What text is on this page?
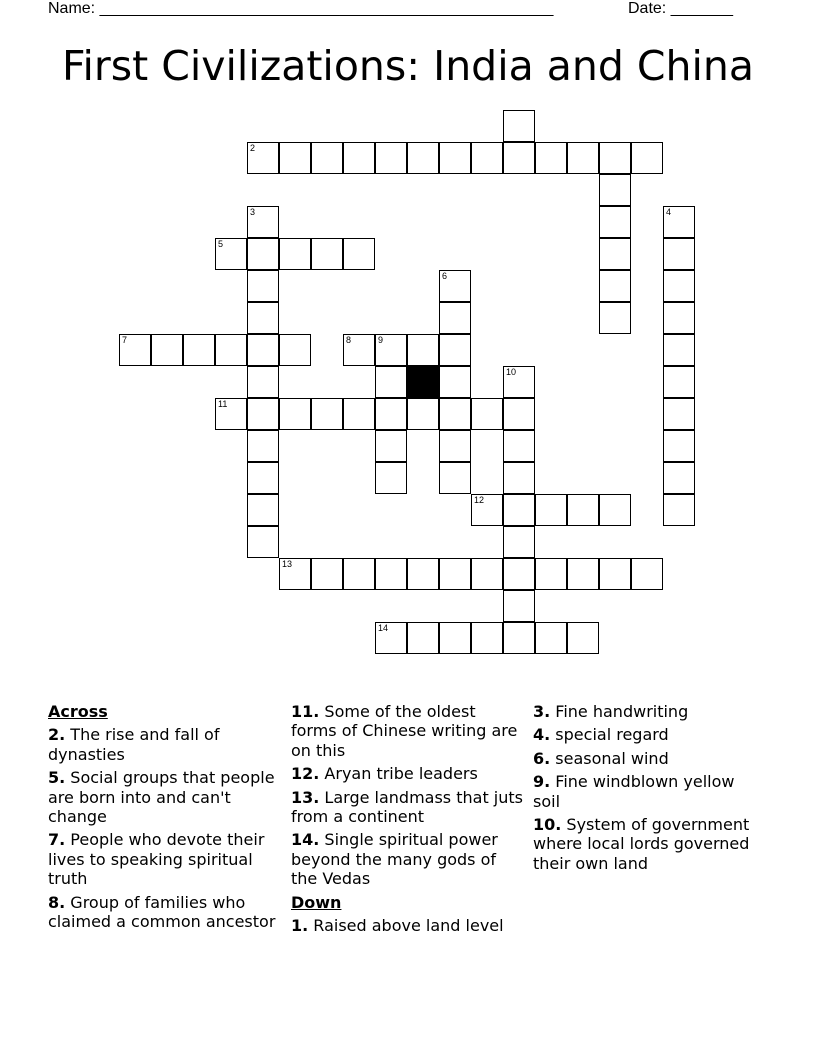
Name: ___________________________________________________	Date: _______
First Civilizations: India and China
2
3	4
5
6
7	8	9
10
11
12
13
14
Across
2. The rise and fall of dynasties
5. Social groups that people are born into and can't change
7. People who devote their lives to speaking spiritual truth
8. Group of families who claimed a common ancestor
11. Some of the oldest forms of Chinese writing are on this
12. Aryan tribe leaders
13. Large landmass that juts from a continent
14. Single spiritual power beyond the many gods of the Vedas
Down
1. Raised above land level
3. Fine handwriting
4. special regard
6. seasonal wind
9. Fine windblown yellow soil
10. System of government where local lords governed their own land
